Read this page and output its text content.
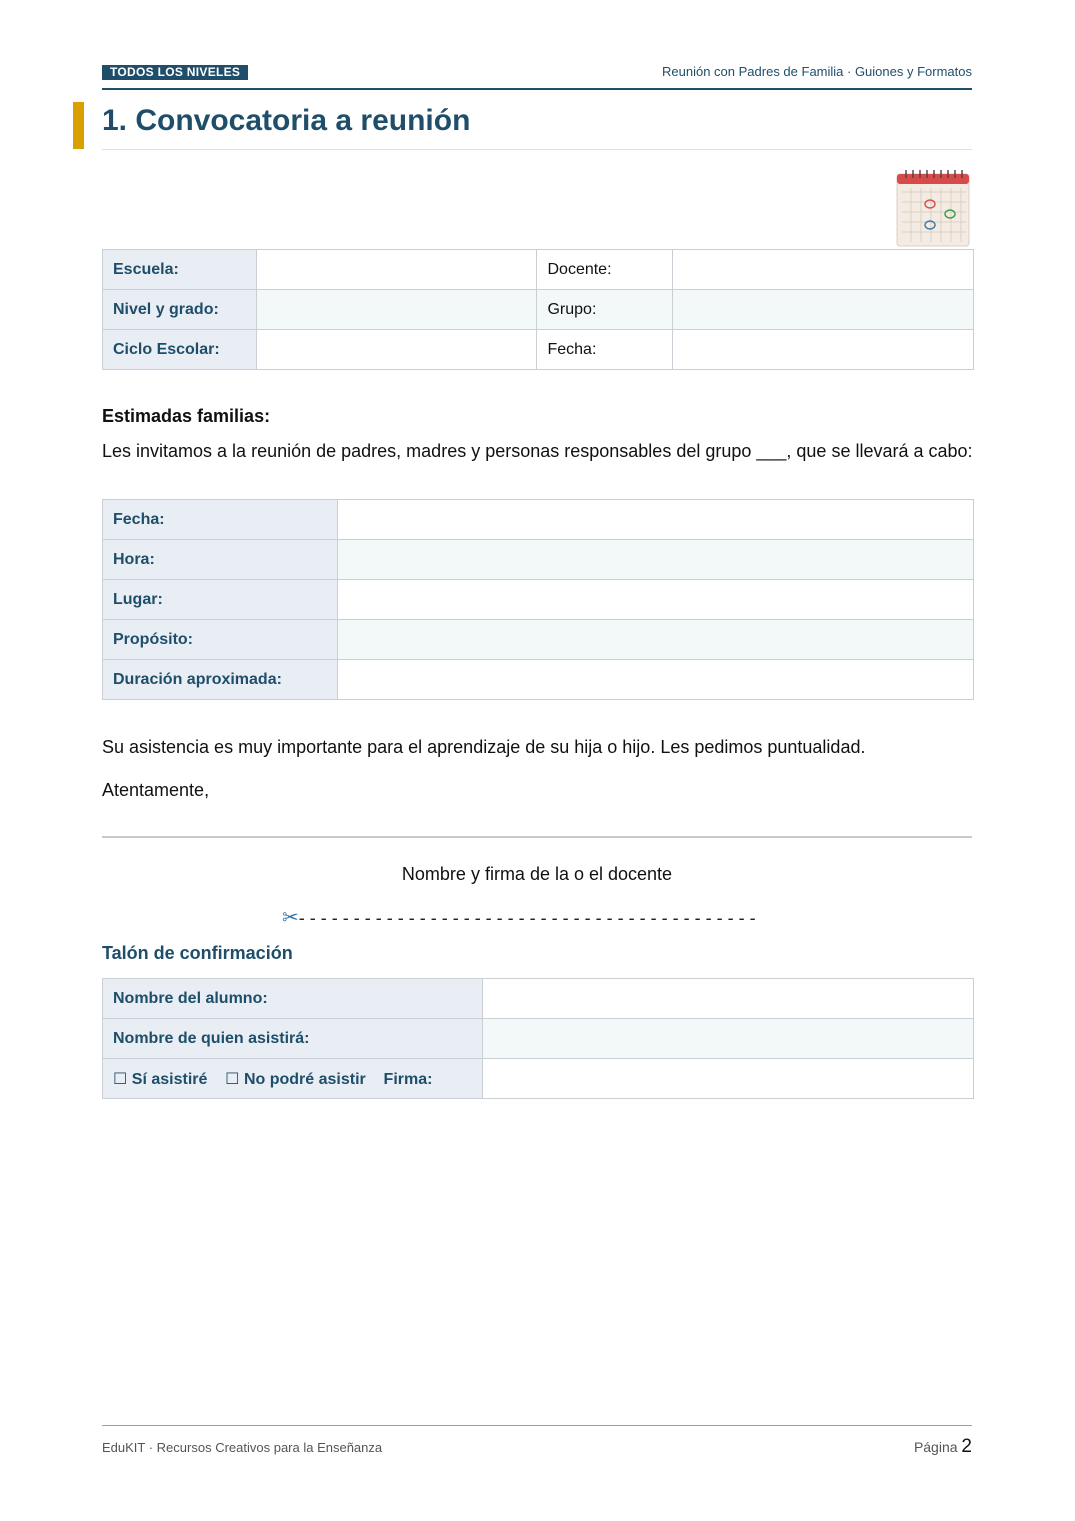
TODOS LOS NIVELES	Reunión con Padres de Familia · Guiones y Formatos
1. Convocatoria a reunión
Escuela:		Docente:	
Nivel y grado:		Grupo:	
Ciclo Escolar:		Fecha:	

Estimadas familias:

Les invitamos a la reunión de padres, madres y personas responsables del grupo ___, que se llevará a cabo:

Fecha:	
Hora:	
Lugar:	
Propósito:	
Duración aproximada:	

Su asistencia es muy importante para el aprendizaje de su hija o hijo. Les pedimos puntualidad.

Atentamente,

Nombre y firma de la o el docente
✂- - - - - - - - - - - - - - - - - - - - - - - - - - - - - - - - - - - - - - - - - -
Talón de confirmación
Nombre del alumno:	
Nombre de quien asistirá:	
☐ Sí asistiré    ☐ No podré asistir    Firma:	
EduKIT · Recursos Creativos para la Enseñanza	Página 2
